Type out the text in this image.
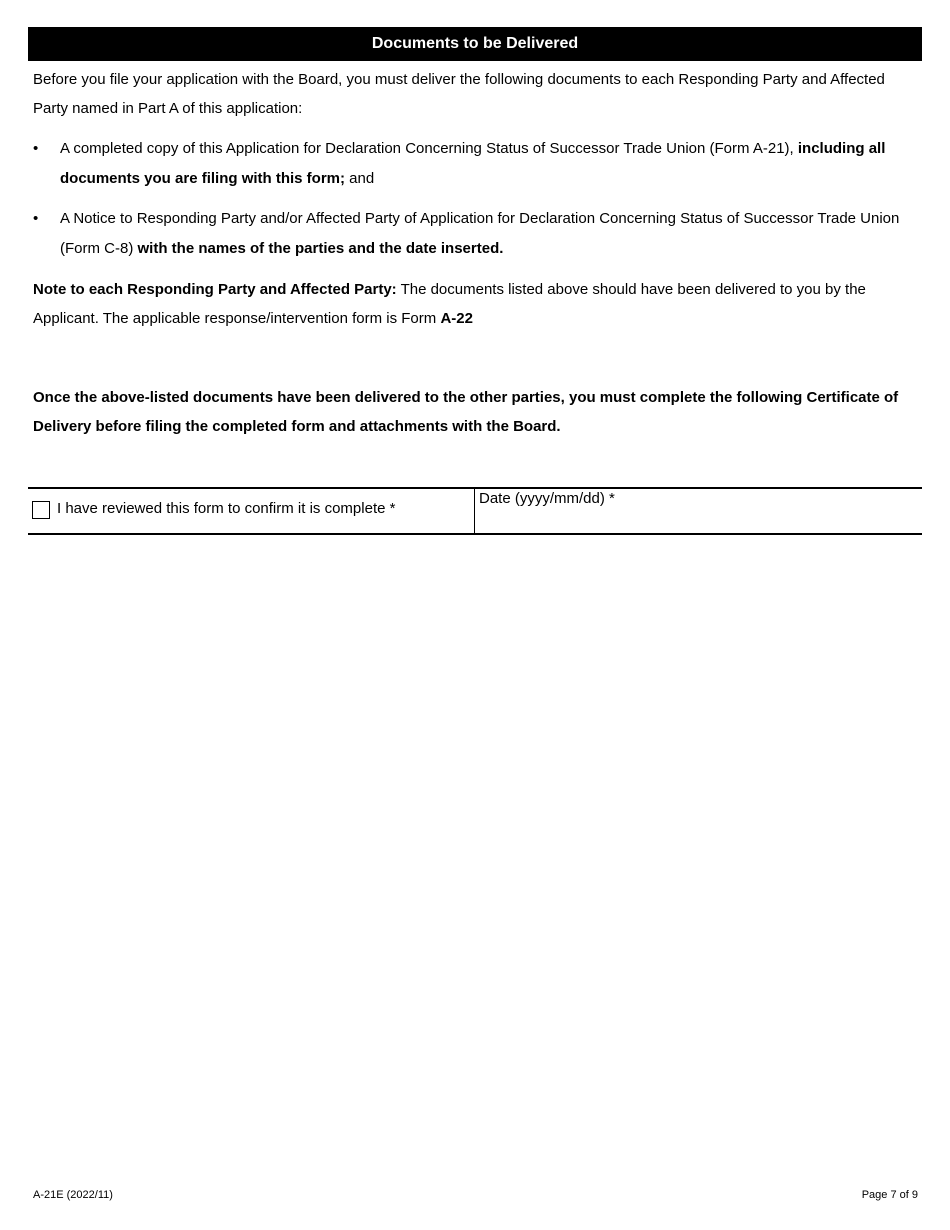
Documents to be Delivered

Before you file your application with the Board, you must deliver the following documents to each Responding Party and Affected Party named in Part A of this application:

• A completed copy of this Application for Declaration Concerning Status of Successor Trade Union (Form A-21), including all documents you are filing with this form; and
• A Notice to Responding Party and/or Affected Party of Application for Declaration Concerning Status of Successor Trade Union (Form C-8) with the names of the parties and the date inserted.

Note to each Responding Party and Affected Party: The documents listed above should have been delivered to you by the Applicant. The applicable response/intervention form is Form A-22

Once the above-listed documents have been delivered to the other parties, you must complete the following Certificate of Delivery before filing the completed form and attachments with the Board.

I have reviewed this form to confirm it is complete *
Date (yyyy/mm/dd) *
A-21E (2022/11)	Page 7 of 9
